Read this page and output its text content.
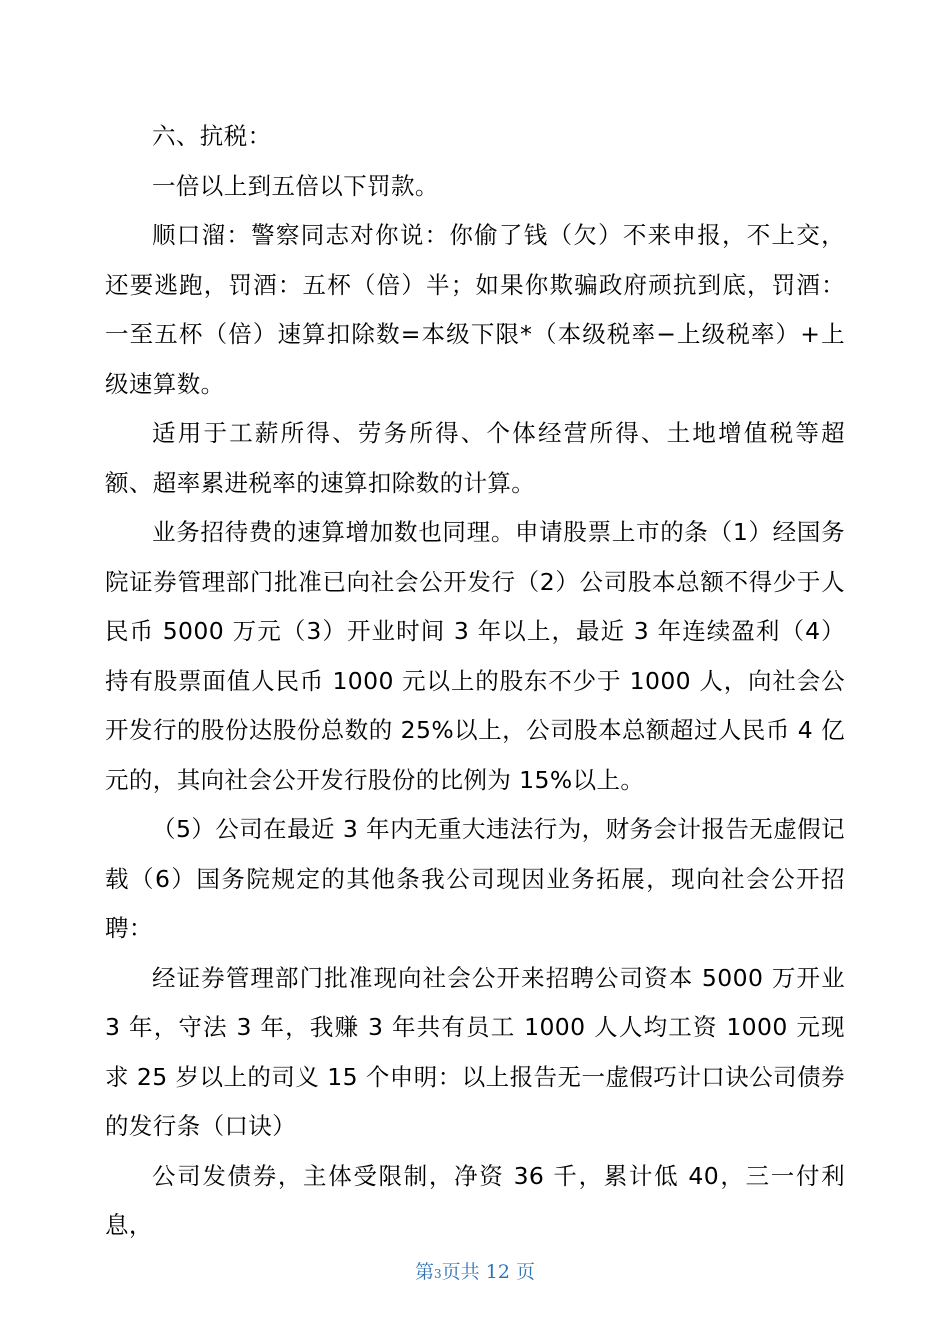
六、抗税：

一倍以上到五倍以下罚款。

顺口溜：警察同志对你说：你偷了钱（欠）不来申报，不上交，还要逃跑，罚酒：五杯（倍）半；如果你欺骗政府顽抗到底，罚酒：一至五杯（倍）速算扣除数=本级下限*（本级税率−上级税率）+上级速算数。

适用于工薪所得、劳务所得、个体经营所得、土地增值税等超额、超率累进税率的速算扣除数的计算。

业务招待费的速算增加数也同理。申请股票上市的条（1）经国务院证券管理部门批准已向社会公开发行（2）公司股本总额不得少于人民币 5000 万元（3）开业时间 3 年以上，最近 3 年连续盈利（4）持有股票面值人民币 1000 元以上的股东不少于 1000 人，向社会公开发行的股份达股份总数的 25%以上，公司股本总额超过人民币 4 亿元的，其向社会公开发行股份的比例为 15%以上。

（5）公司在最近 3 年内无重大违法行为，财务会计报告无虚假记载（6）国务院规定的其他条我公司现因业务拓展，现向社会公开招聘：

经证券管理部门批准现向社会公开来招聘公司资本 5000 万开业 3 年，守法 3 年，我赚 3 年共有员工 1000 人人均工资 1000 元现求 25 岁以上的司义 15 个申明：以上报告无一虚假巧计口诀公司债券的发行条（口诀）

公司发债券，主体受限制，净资 36 千，累计低 40，三一付利息，

第3页共 12 页
